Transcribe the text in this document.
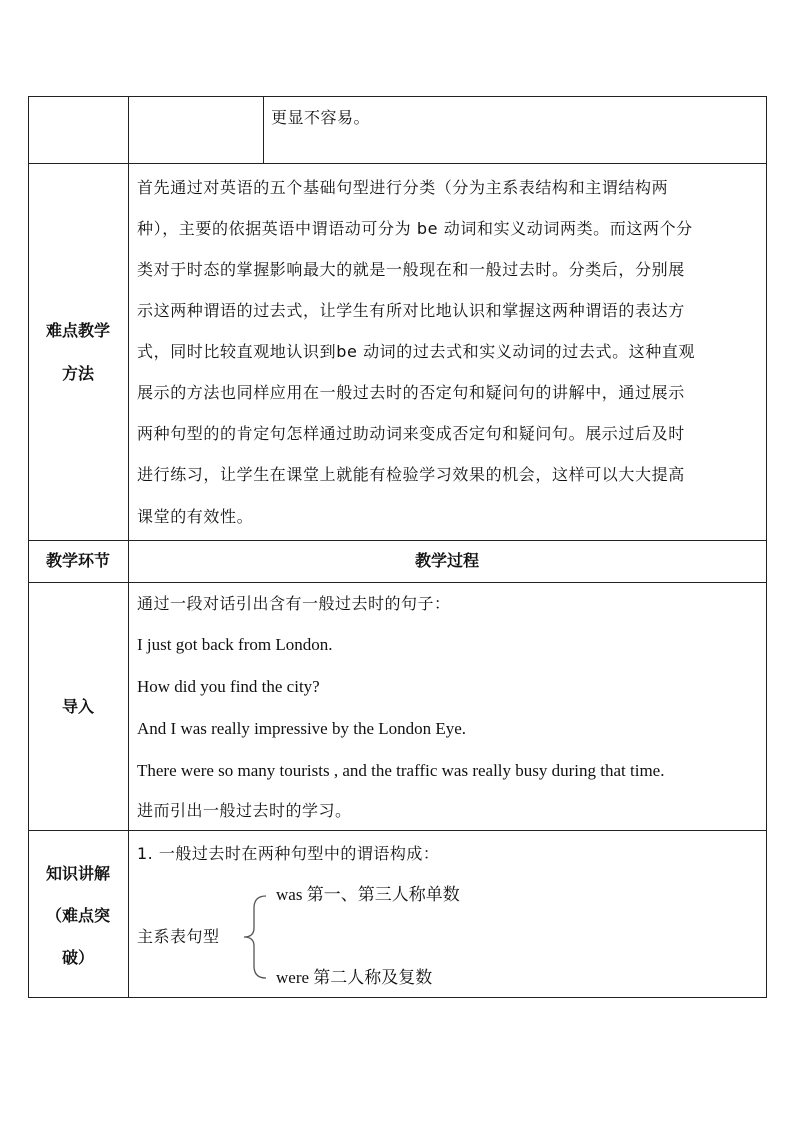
更显不容易。
难点教学
方法
首先通过对英语的五个基础句型进行分类（分为主系表结构和主谓结构两
种），主要的依据英语中谓语动可分为 be 动词和实义动词两类。而这两个分
类对于时态的掌握影响最大的就是一般现在和一般过去时。分类后，分别展
示这两种谓语的过去式，让学生有所对比地认识和掌握这两种谓语的表达方
式，同时比较直观地认识到be 动词的过去式和实义动词的过去式。这种直观
展示的方法也同样应用在一般过去时的否定句和疑问句的讲解中，通过展示
两种句型的的肯定句怎样通过助动词来变成否定句和疑问句。展示过后及时
进行练习，让学生在课堂上就能有检验学习效果的机会，这样可以大大提高
课堂的有效性。
教学环节	教学过程
导入
通过一段对话引出含有一般过去时的句子：
I just got back from London.
How did you find the city?
And I was really impressive by the London Eye.
There were so many tourists , and the traffic was really busy during that time.
进而引出一般过去时的学习。
知识讲解
（难点突
破）
1. 一般过去时在两种句型中的谓语构成：
主系表句型
was 第一、第三人称单数
were 第二人称及复数
